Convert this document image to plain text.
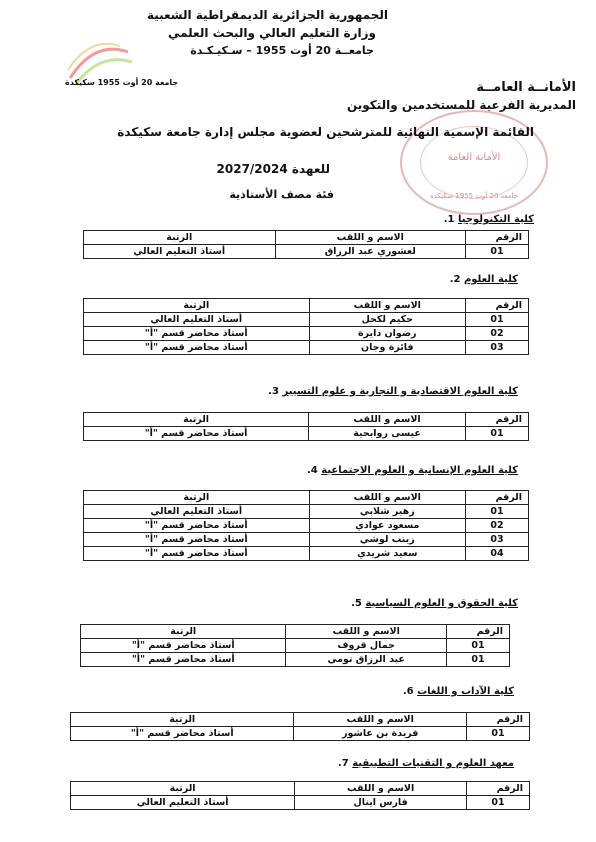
الجمهورية الجزائرية الديمقراطية الشعبية
وزارة التعليم العالي والبحث العلمي
جامعــة 20 أوت 1955 – سـكيـكـدة
جامعة 20 أوت 1955 سكيكدة	الأمانــة العامــة
المديرية الفرعية للمستخدمين والتكوين
الأمانة العامة
جامعة 20 أوت 1955 سكيكدة
القائمة الإسمية النهائية للمترشحين لعضوية مجلس إدارة جامعة سكيكدة
للعهدة 2027/2024
فئة مصف الأستاذية
كلية التكنولوجيا 1.
الرقم	الاسم و اللقب	الرتبة
01	لعشوري عبد الرزاق	أستاذ التعليم العالي
كلية العلوم 2.
الرقم	الاسم و اللقب	الرتبة
01	حكيم لكحل	أستاذ التعليم العالي
02	رضوان دايرة	أستاذ محاضر قسم "أ"
03	فائزة وجان	أستاذ محاضر قسم "أ"
كلية العلوم الاقتصادية و التجارية و علوم التسيير 3.
الرقم	الاسم و اللقب	الرتبة
01	عيسى روابحية	أستاذ محاضر قسم "أ"
كلية العلوم الإنسانية و العلوم الاجتماعية 4.
الرقم	الاسم و اللقب	الرتبة
01	زهير شلابي	أستاذ التعليم العالي
02	مسعود عوادي	أستاذ محاضر قسم "أ"
03	زينب لوشي	أستاذ محاضر قسم "أ"
04	سعيد شريدي	أستاذ محاضر قسم "أ"
كلية الحقوق و العلوم السياسية 5.
الرقم	الاسم و اللقب	الرتبة
01	جمال قروف	أستاذ محاضر قسم "أ"
01	عبد الرزاق تومي	أستاذ محاضر قسم "أ"
كلية الآداب و اللغات 6.
الرقم	الاسم و اللقب	الرتبة
01	فريدة بن عاشور	أستاذ محاضر قسم "أ"
معهد العلوم و التقنيات التطبيقية 7.
الرقم	الاسم و اللقب	الرتبة
01	فارس اينال	أستاذ التعليم العالي
